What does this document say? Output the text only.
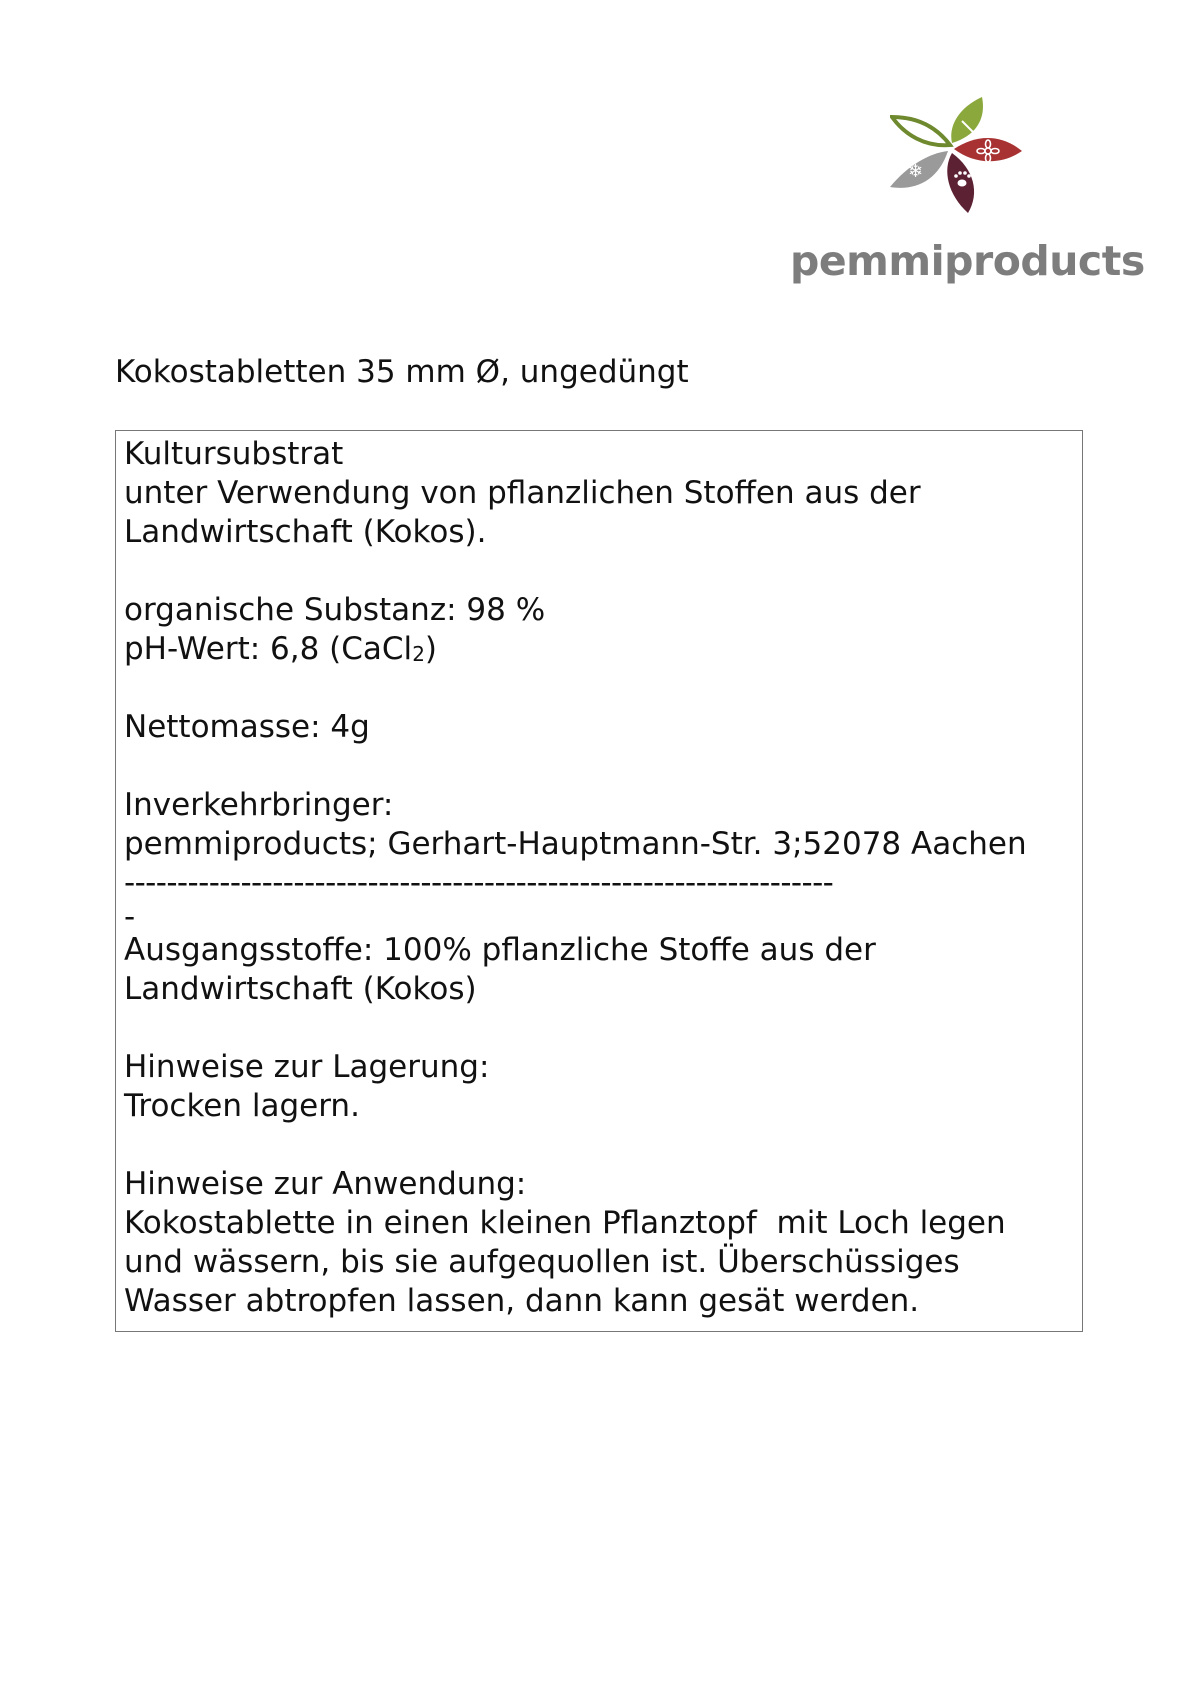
❄
pemmiproducts
Kokostabletten 35 mm Ø, ungedüngt
Kultursubstrat
unter Verwendung von pflanzlichen Stoffen aus der
Landwirtschaft (Kokos).
organische Substanz: 98 %
pH-Wert: 6,8 (CaCl$_2$)
Nettomasse: 4g
Inverkehrbringer:
pemmiproducts; Gerhart-Hauptmann-Str. 3;52078 Aachen
-------------------------------------------------------------------
-
Ausgangsstoffe: 100% pflanzliche Stoffe aus der
Landwirtschaft (Kokos)
Hinweise zur Lagerung:
Trocken lagern.
Hinweise zur Anwendung:
Kokostablette in einen kleinen Pflanztopf  mit Loch legen
und wässern, bis sie aufgequollen ist. Überschüssiges
Wasser abtropfen lassen, dann kann gesät werden.
